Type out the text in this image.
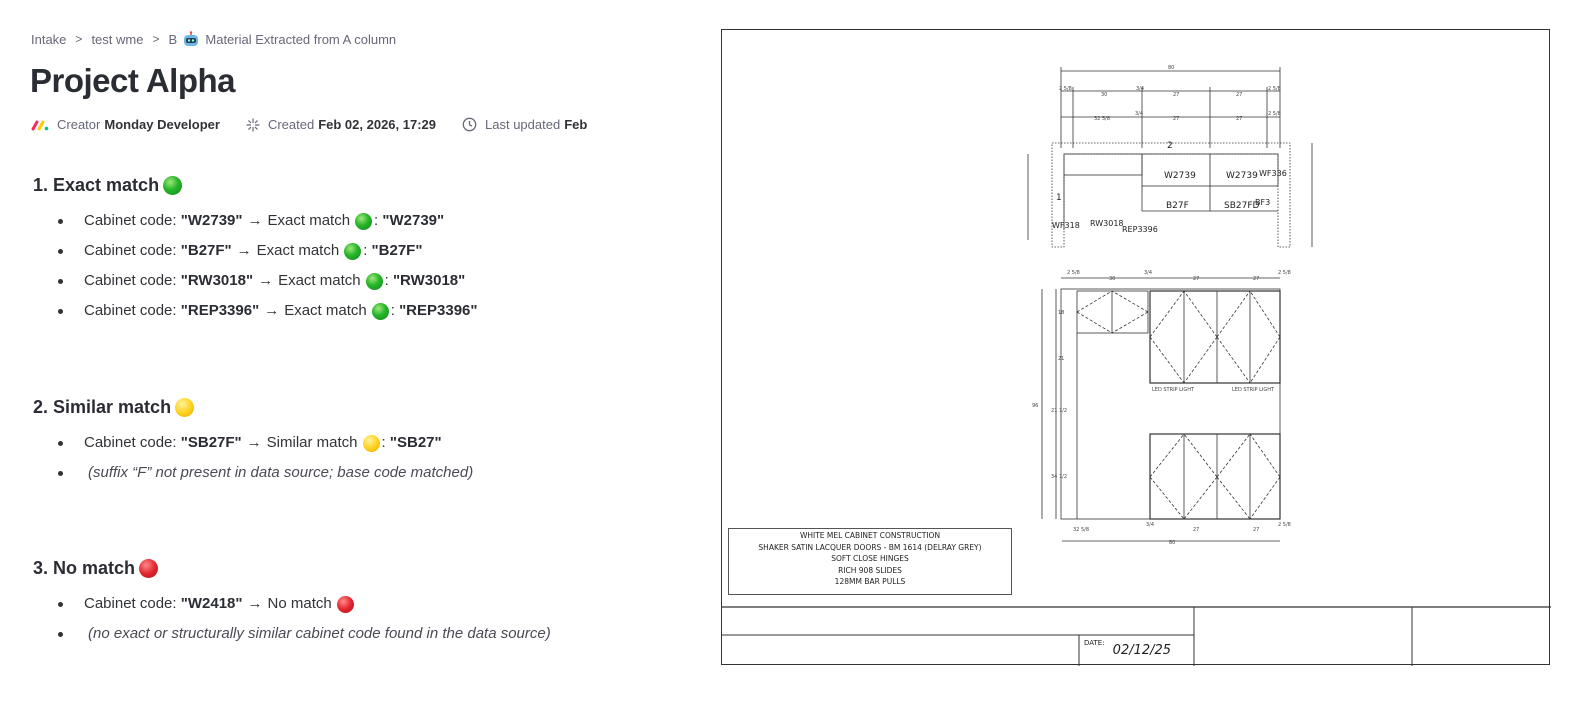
Intake > test wme > B Material Extracted from A column
Project Alpha
Creator Monday Developer	Created Feb 02, 2026, 17:29	Last updated Feb
1. Exact match
Cabinet code:
"W2739" → Exact match :
"W2739"
Cabinet code:
"B27F" → Exact match :
"B27F"
Cabinet code:
"RW3018" → Exact match :
"RW3018"
Cabinet code:
"REP3396" → Exact match :
"REP3396"
2. Similar match
Cabinet code:
"SB27F" → Similar match :
"SB27"
(suffix “F” not present in data source; base code matched)
3. No match
Cabinet code:
"W2418" → No match
(no exact or structurally similar cabinet code found in the data source)
W2739	W2739 WF336
B27F	SB27FD
BF3
2
1
WF318 RW3018
REP3396
80
2 5/8
30
3/4
27	27
2 5/8
32 5/8
3/4
27	27
2 5/8
2 5/8
30
3/4
27	27
2 5/8
18
21
96
21 1/2
34 1/2
32 5/8
3/4
27	27
2 5/8
80
LED STRIP LIGHT	LED STRIP LIGHT
WHITE MEL CABINET CONSTRUCTION
SHAKER SATIN LACQUER DOORS - BM 1614 (DELRAY GREY)
SOFT CLOSE HINGES
RICH 908 SLIDES
128MM BAR PULLS
$^{DATE:}$ 02/12/25
